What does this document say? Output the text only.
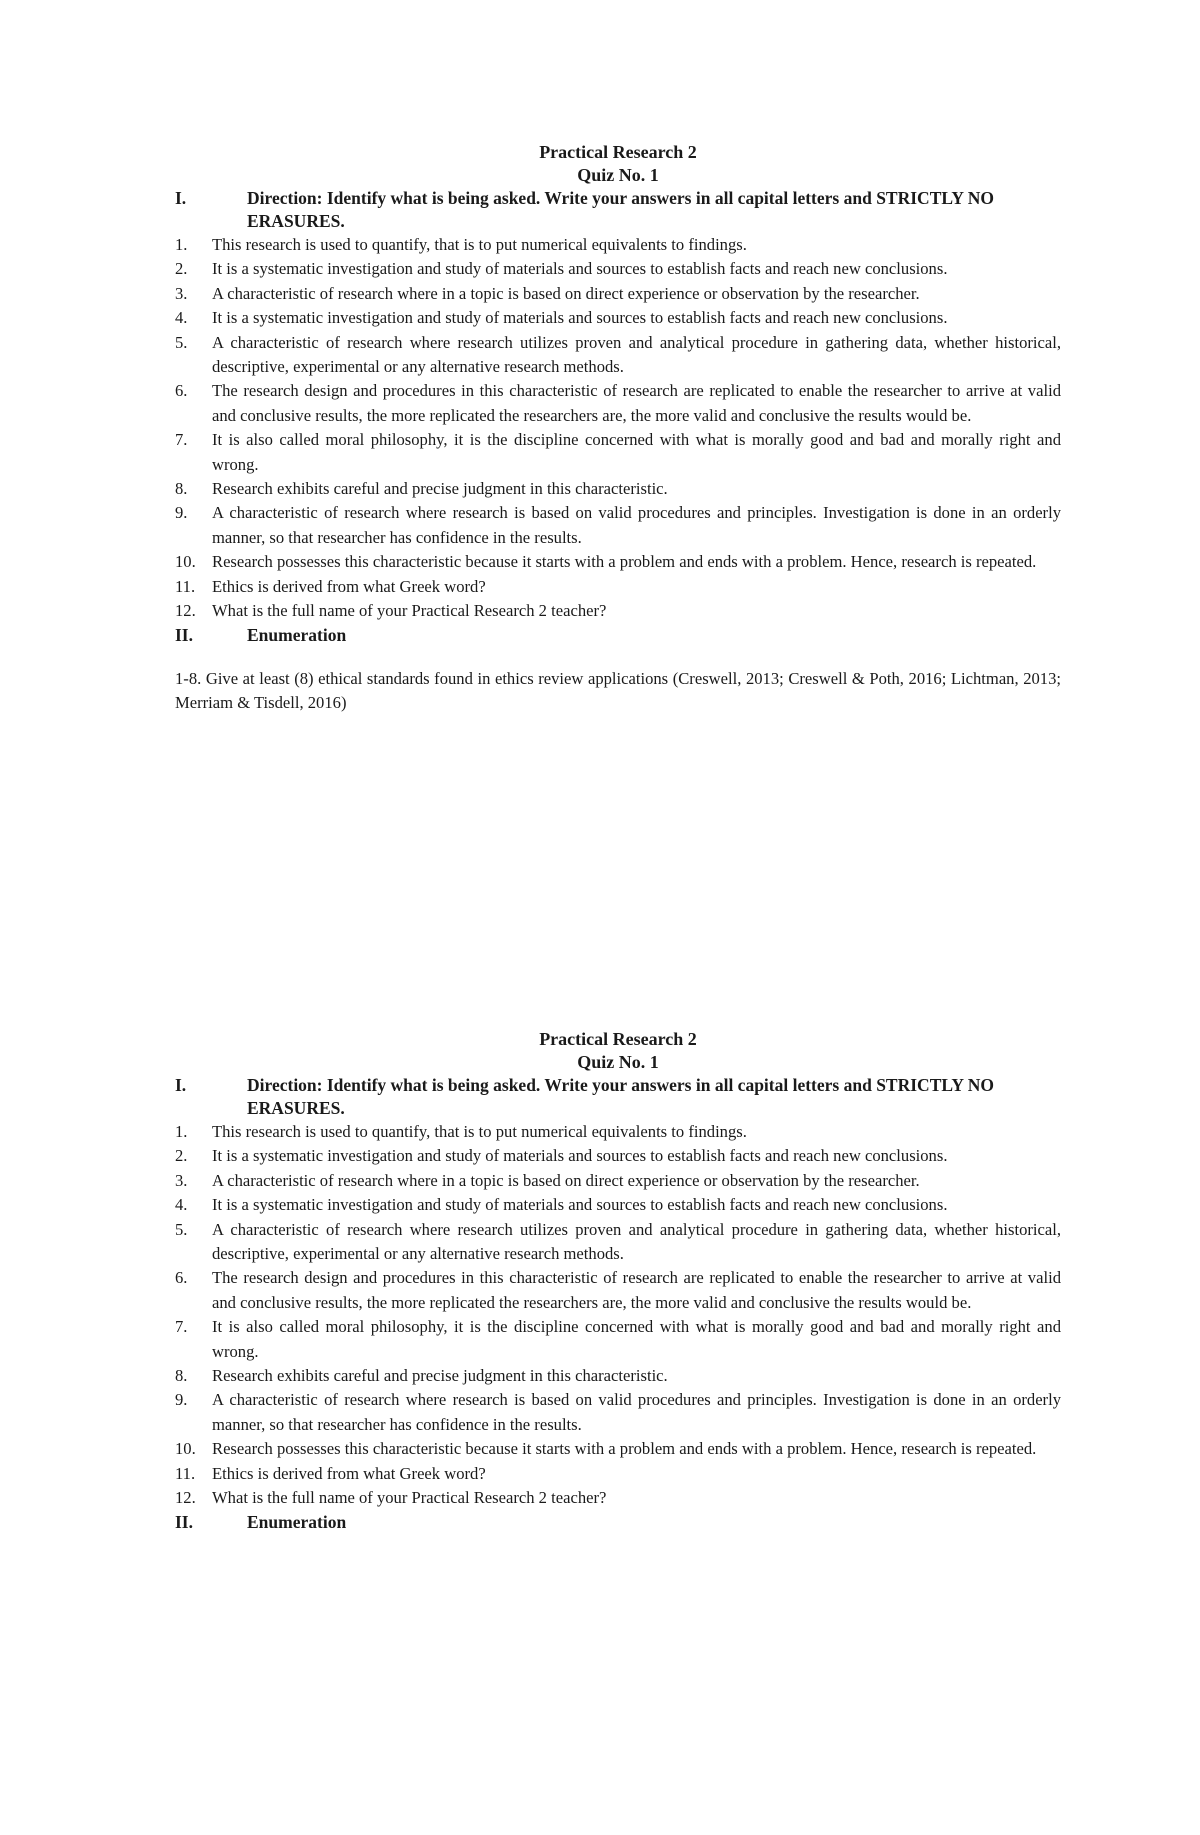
Practical Research 2
Quiz No. 1
I.	Direction: Identify what is being asked. Write your answers in all capital letters and STRICTLY NO ERASURES.
1. This research is used to quantify, that is to put numerical equivalents to findings.
2. It is a systematic investigation and study of materials and sources to establish facts and reach new conclusions.
3. A characteristic of research where in a topic is based on direct experience or observation by the researcher.
4. It is a systematic investigation and study of materials and sources to establish facts and reach new conclusions.
5. A characteristic of research where research utilizes proven and analytical procedure in gathering data, whether historical, descriptive, experimental or any alternative research methods.
6. The research design and procedures in this characteristic of research are replicated to enable the researcher to arrive at valid and conclusive results, the more replicated the researchers are, the more valid and conclusive the results would be.
7. It is also called moral philosophy, it is the discipline concerned with what is morally good and bad and morally right and wrong.
8. Research exhibits careful and precise judgment in this characteristic.
9. A characteristic of research where research is based on valid procedures and principles. Investigation is done in an orderly manner, so that researcher has confidence in the results.
10. Research possesses this characteristic because it starts with a problem and ends with a problem. Hence, research is repeated.
11. Ethics is derived from what Greek word?
12. What is the full name of your Practical Research 2 teacher?
II.	Enumeration
1-8. Give at least (8) ethical standards found in ethics review applications (Creswell, 2013; Creswell & Poth, 2016; Lichtman, 2013; Merriam & Tisdell, 2016)
Practical Research 2
Quiz No. 1
I.	Direction: Identify what is being asked. Write your answers in all capital letters and STRICTLY NO ERASURES.
1. This research is used to quantify, that is to put numerical equivalents to findings.
2. It is a systematic investigation and study of materials and sources to establish facts and reach new conclusions.
3. A characteristic of research where in a topic is based on direct experience or observation by the researcher.
4. It is a systematic investigation and study of materials and sources to establish facts and reach new conclusions.
5. A characteristic of research where research utilizes proven and analytical procedure in gathering data, whether historical, descriptive, experimental or any alternative research methods.
6. The research design and procedures in this characteristic of research are replicated to enable the researcher to arrive at valid and conclusive results, the more replicated the researchers are, the more valid and conclusive the results would be.
7. It is also called moral philosophy, it is the discipline concerned with what is morally good and bad and morally right and wrong.
8. Research exhibits careful and precise judgment in this characteristic.
9. A characteristic of research where research is based on valid procedures and principles. Investigation is done in an orderly manner, so that researcher has confidence in the results.
10. Research possesses this characteristic because it starts with a problem and ends with a problem. Hence, research is repeated.
11. Ethics is derived from what Greek word?
12. What is the full name of your Practical Research 2 teacher?
II.	Enumeration
